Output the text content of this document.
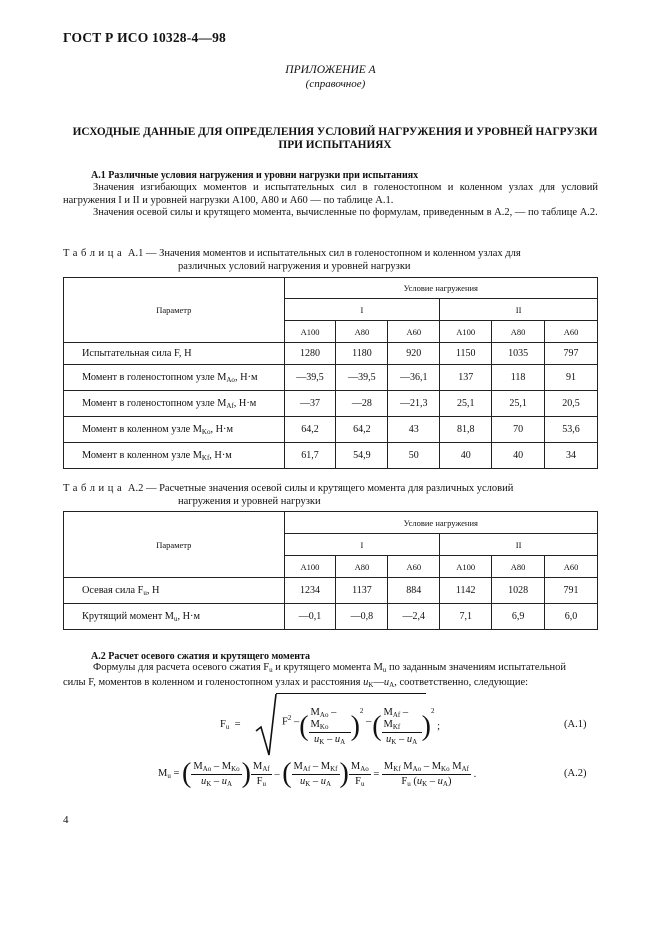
ГОСТ Р ИСО 10328-4—98
ПРИЛОЖЕНИЕ А
(справочное)
ИСХОДНЫЕ ДАННЫЕ ДЛЯ ОПРЕДЕЛЕНИЯ УСЛОВИЙ НАГРУЖЕНИЯ И УРОВНЕЙ НАГРУЗКИ
ПРИ ИСПЫТАНИЯХ
А.1 Различные условия нагружения и уровни нагрузки при испытаниях

Значения изгибающих моментов и испытательных сил в голеностопном и коленном узлах для условий нагружения I и II и уровней нагрузки А100, А80 и А60 — по таблице А.1.

Значения осевой силы и крутящего момента, вычисленные по формулам, приведенным в А.2, — по таблице А.2.

Таблица А.1 — Значения моментов и испытательных сил в голеностопном и коленном узлах для
различных условий нагружения и уровней нагрузки
Параметр	Условие нагружения					
	I			II		
	А100	А80	А60	А100	А80	А60
Испытательная сила F, Н	1280	1180	920	1150	1035	797
Момент в голеностопном узле $M_{Ao}$, Н·м	—39,5	—39,5	—36,1	137	118	91
Момент в голеностопном узле $M_{Af}$, Н·м	—37	—28	—21,3	25,1	25,1	20,5
Момент в коленном узле $M_{Ko}$, Н·м	64,2	64,2	43	81,8	70	53,6
Момент в коленном узле $M_{Kf}$, Н·м	61,7	54,9	50	40	40	34
Таблица А.2 — Расчетные значения осевой силы и крутящего момента для различных условий
нагружения и уровней нагрузки
Параметр	Условие нагружения					
	I			II		
	А100	А80	А60	А100	А80	А60
Осевая сила $F_u$, Н	1234	1137	884	1142	1028	791
Крутящий момент $M_u$, Н·м	—0,1	—0,8	—2,4	7,1	6,9	6,0
А.2 Расчет осевого сжатия и крутящего момента
Формулы для расчета осевого сжатия $F_u$ и крутящего момента $M_u$ по заданным значениям испытательной
силы F, моментов в коленном и голеностопном узлах и расстояния $u_K—u_A$, соответственно, следующие:
$F_u$  =	$F^2$ – ( $\frac{M_{Ao} - M_{Ko}}{u_K - u_A} )^2$
– ( $\frac{M_{Af} - M_{Kf}}{u_K - u_A} )^2$
;	(А.1)
$M_u$ = ( $\frac{M_{Ao} - M_{Ko}}{u_K - u_A}$ ) $\frac{M_{Af}}{F_u}$ – ( $\frac{M_{Af} - M_{Kf}}{u_K - u_A}$ ) $\frac{M_{Ao}}{F_u} = \frac{M_{Kf} M_{Ao} - M_{Ko} M_{Af}}{F_u (u_K - u_A)}$ .	(А.2)
4
